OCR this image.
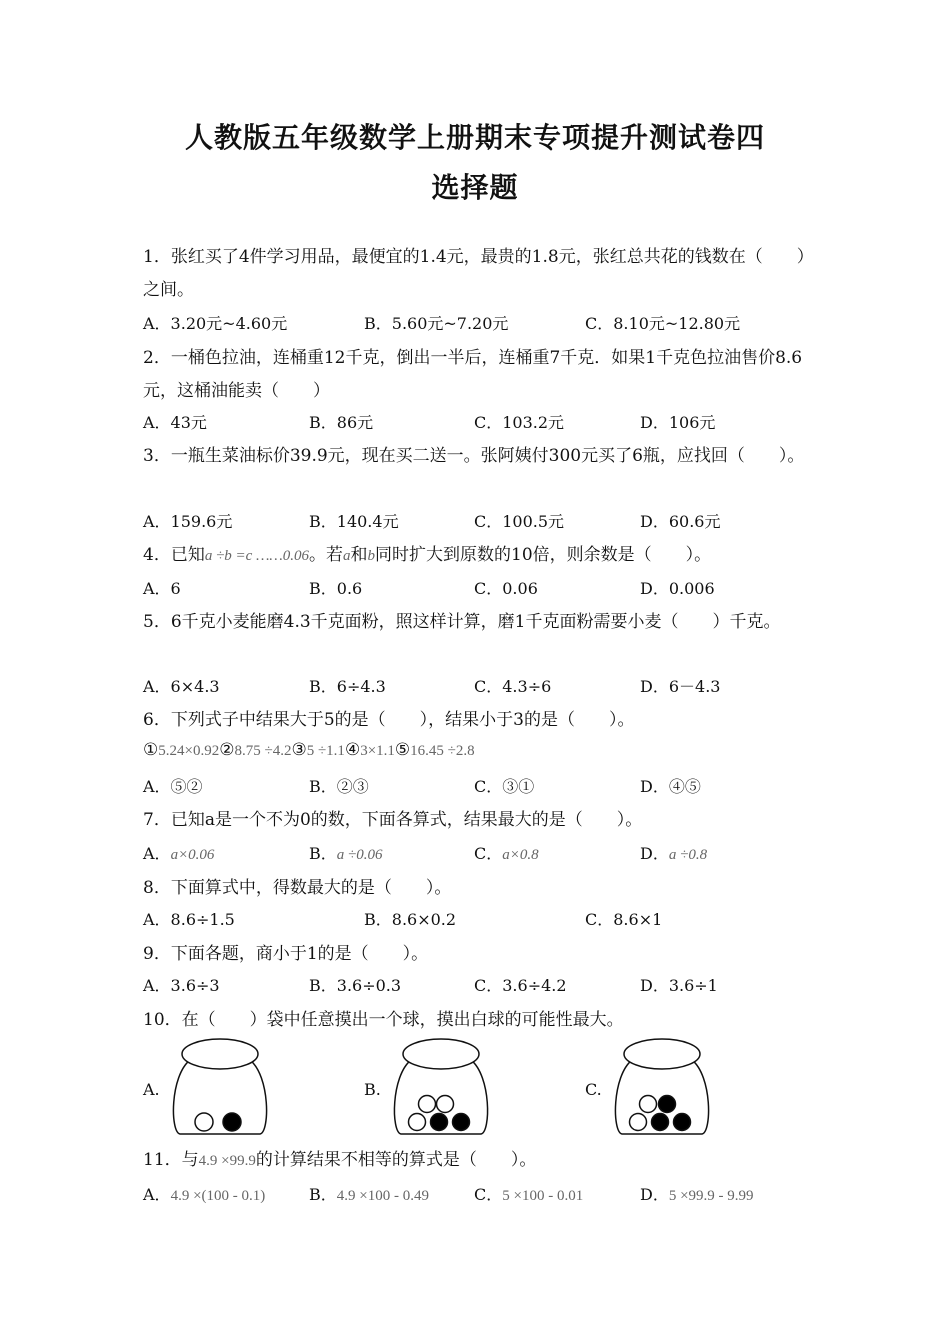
人教版五年级数学上册期末专项提升测试卷四
选择题
1．张红买了4件学习用品，最便宜的1.4元，最贵的1.8元，张红总共花的钱数在（　　）之间。
A．3.20元~4.60元	B．5.60元~7.20元	C．8.10元~12.80元
2．一桶色拉油，连桶重12千克，倒出一半后，连桶重7千克．如果1千克色拉油售价8.6元，这桶油能卖（　　）
A．43元	B．86元	C．103.2元	D．106元
3．一瓶生菜油标价39.9元，现在买二送一。张阿姨付300元买了6瓶，应找回（　　）。
A．159.6元	B．140.4元	C．100.5元	D．60.6元
4．已知a ÷b =c ……0.06。若a和b同时扩大到原数的10倍，则余数是（　　）。
A．6	B．0.6	C．0.06	D．0.006
5．6千克小麦能磨4.3千克面粉，照这样计算，磨1千克面粉需要小麦（　　）千克。
A．6×4.3	B．6÷4.3	C．4.3÷6	D．6－4.3
6．下列式子中结果大于5的是（　　），结果小于3的是（　　）。
①5.24×0.92②8.75 ÷4.2③5 ÷1.1④3×1.1⑤16.45 ÷2.8
A．⑤②	B．②③	C．③①	D．④⑤
7．已知a是一个不为0的数，下面各算式，结果最大的是（　　）。
A．a×0.06	B．a ÷0.06	C．a×0.8	D．a ÷0.8
8．下面算式中，得数最大的是（　　）。
A．8.6÷1.5	B．8.6×0.2	C．8.6×1
9．下面各题，商小于1的是（　　）。
A．3.6÷3	B．3.6÷0.3	C．3.6÷4.2	D．3.6÷1
10．在（　　）袋中任意摸出一个球，摸出白球的可能性最大。
A.	B.	C.
11．与4.9 ×99.9的计算结果不相等的算式是（　　）。
A．4.9 ×(100 - 0.1)	B．4.9 ×100 - 0.49	C．5 ×100 - 0.01	D．5 ×99.9 - 9.99
